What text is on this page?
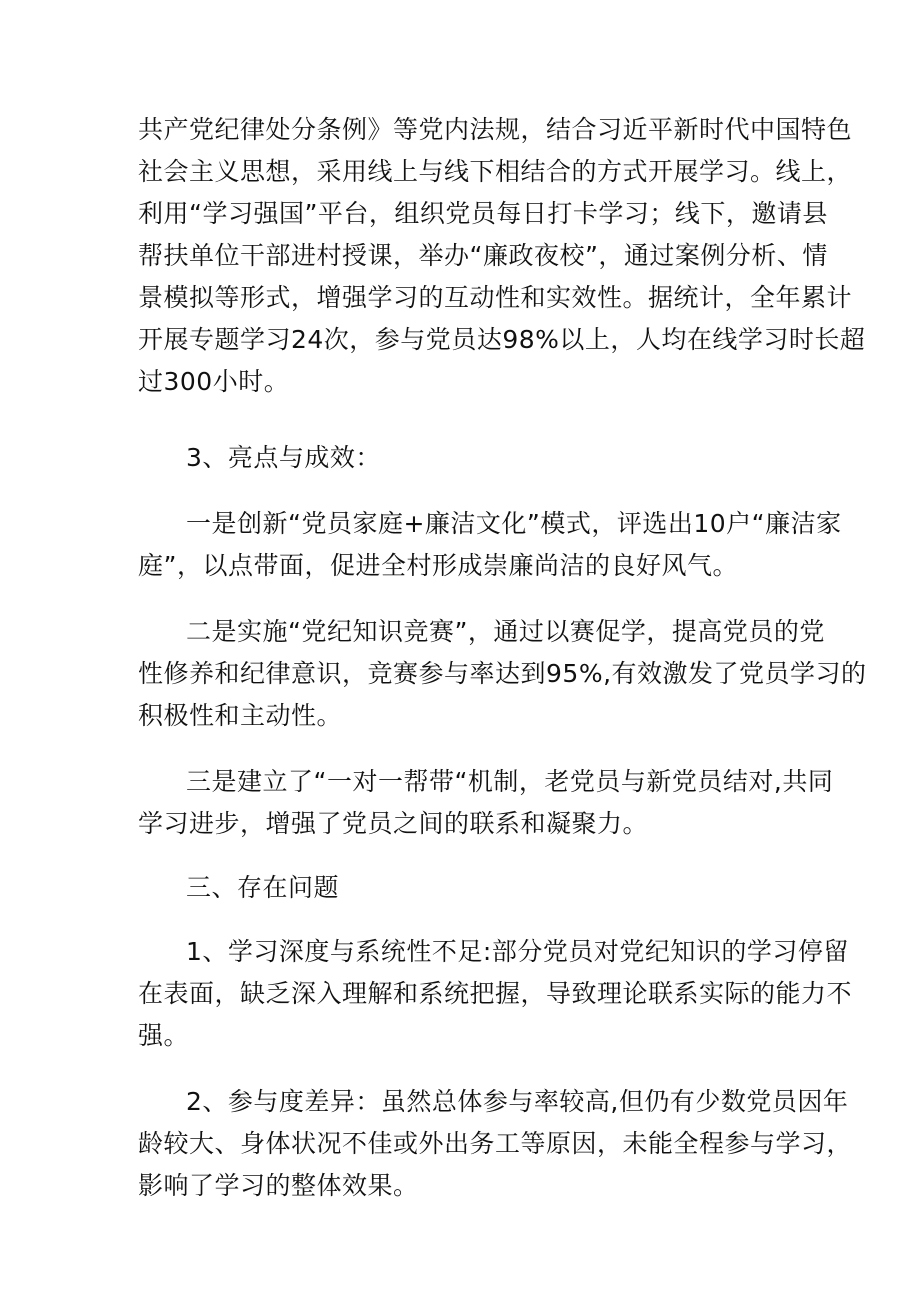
共产党纪律处分条例》等党内法规，结合习近平新时代中国特色
社会主义思想，采用线上与线下相结合的方式开展学习。线上，
利用“学习强国”平台，组织党员每日打卡学习；线下，邀请县
帮扶单位干部进村授课，举办“廉政夜校”，通过案例分析、情
景模拟等形式，增强学习的互动性和实效性。据统计，全年累计
开展专题学习24次，参与党员达98%以上，人均在线学习时长超
过300小时。
3、亮点与成效：
一是创新“党员家庭+廉洁文化”模式，评选出10户“廉洁家
庭”，以点带面，促进全村形成崇廉尚洁的良好风气。
二是实施“党纪知识竞赛”，通过以赛促学，提高党员的党
性修养和纪律意识，竞赛参与率达到95%,有效激发了党员学习的
积极性和主动性。
三是建立了“一对一帮带“机制，老党员与新党员结对,共同
学习进步，增强了党员之间的联系和凝聚力。
三、存在问题
1、学习深度与系统性不足:部分党员对党纪知识的学习停留
在表面，缺乏深入理解和系统把握，导致理论联系实际的能力不
强。
2、参与度差异：虽然总体参与率较高,但仍有少数党员因年
龄较大、身体状况不佳或外出务工等原因，未能全程参与学习，
影响了学习的整体效果。
